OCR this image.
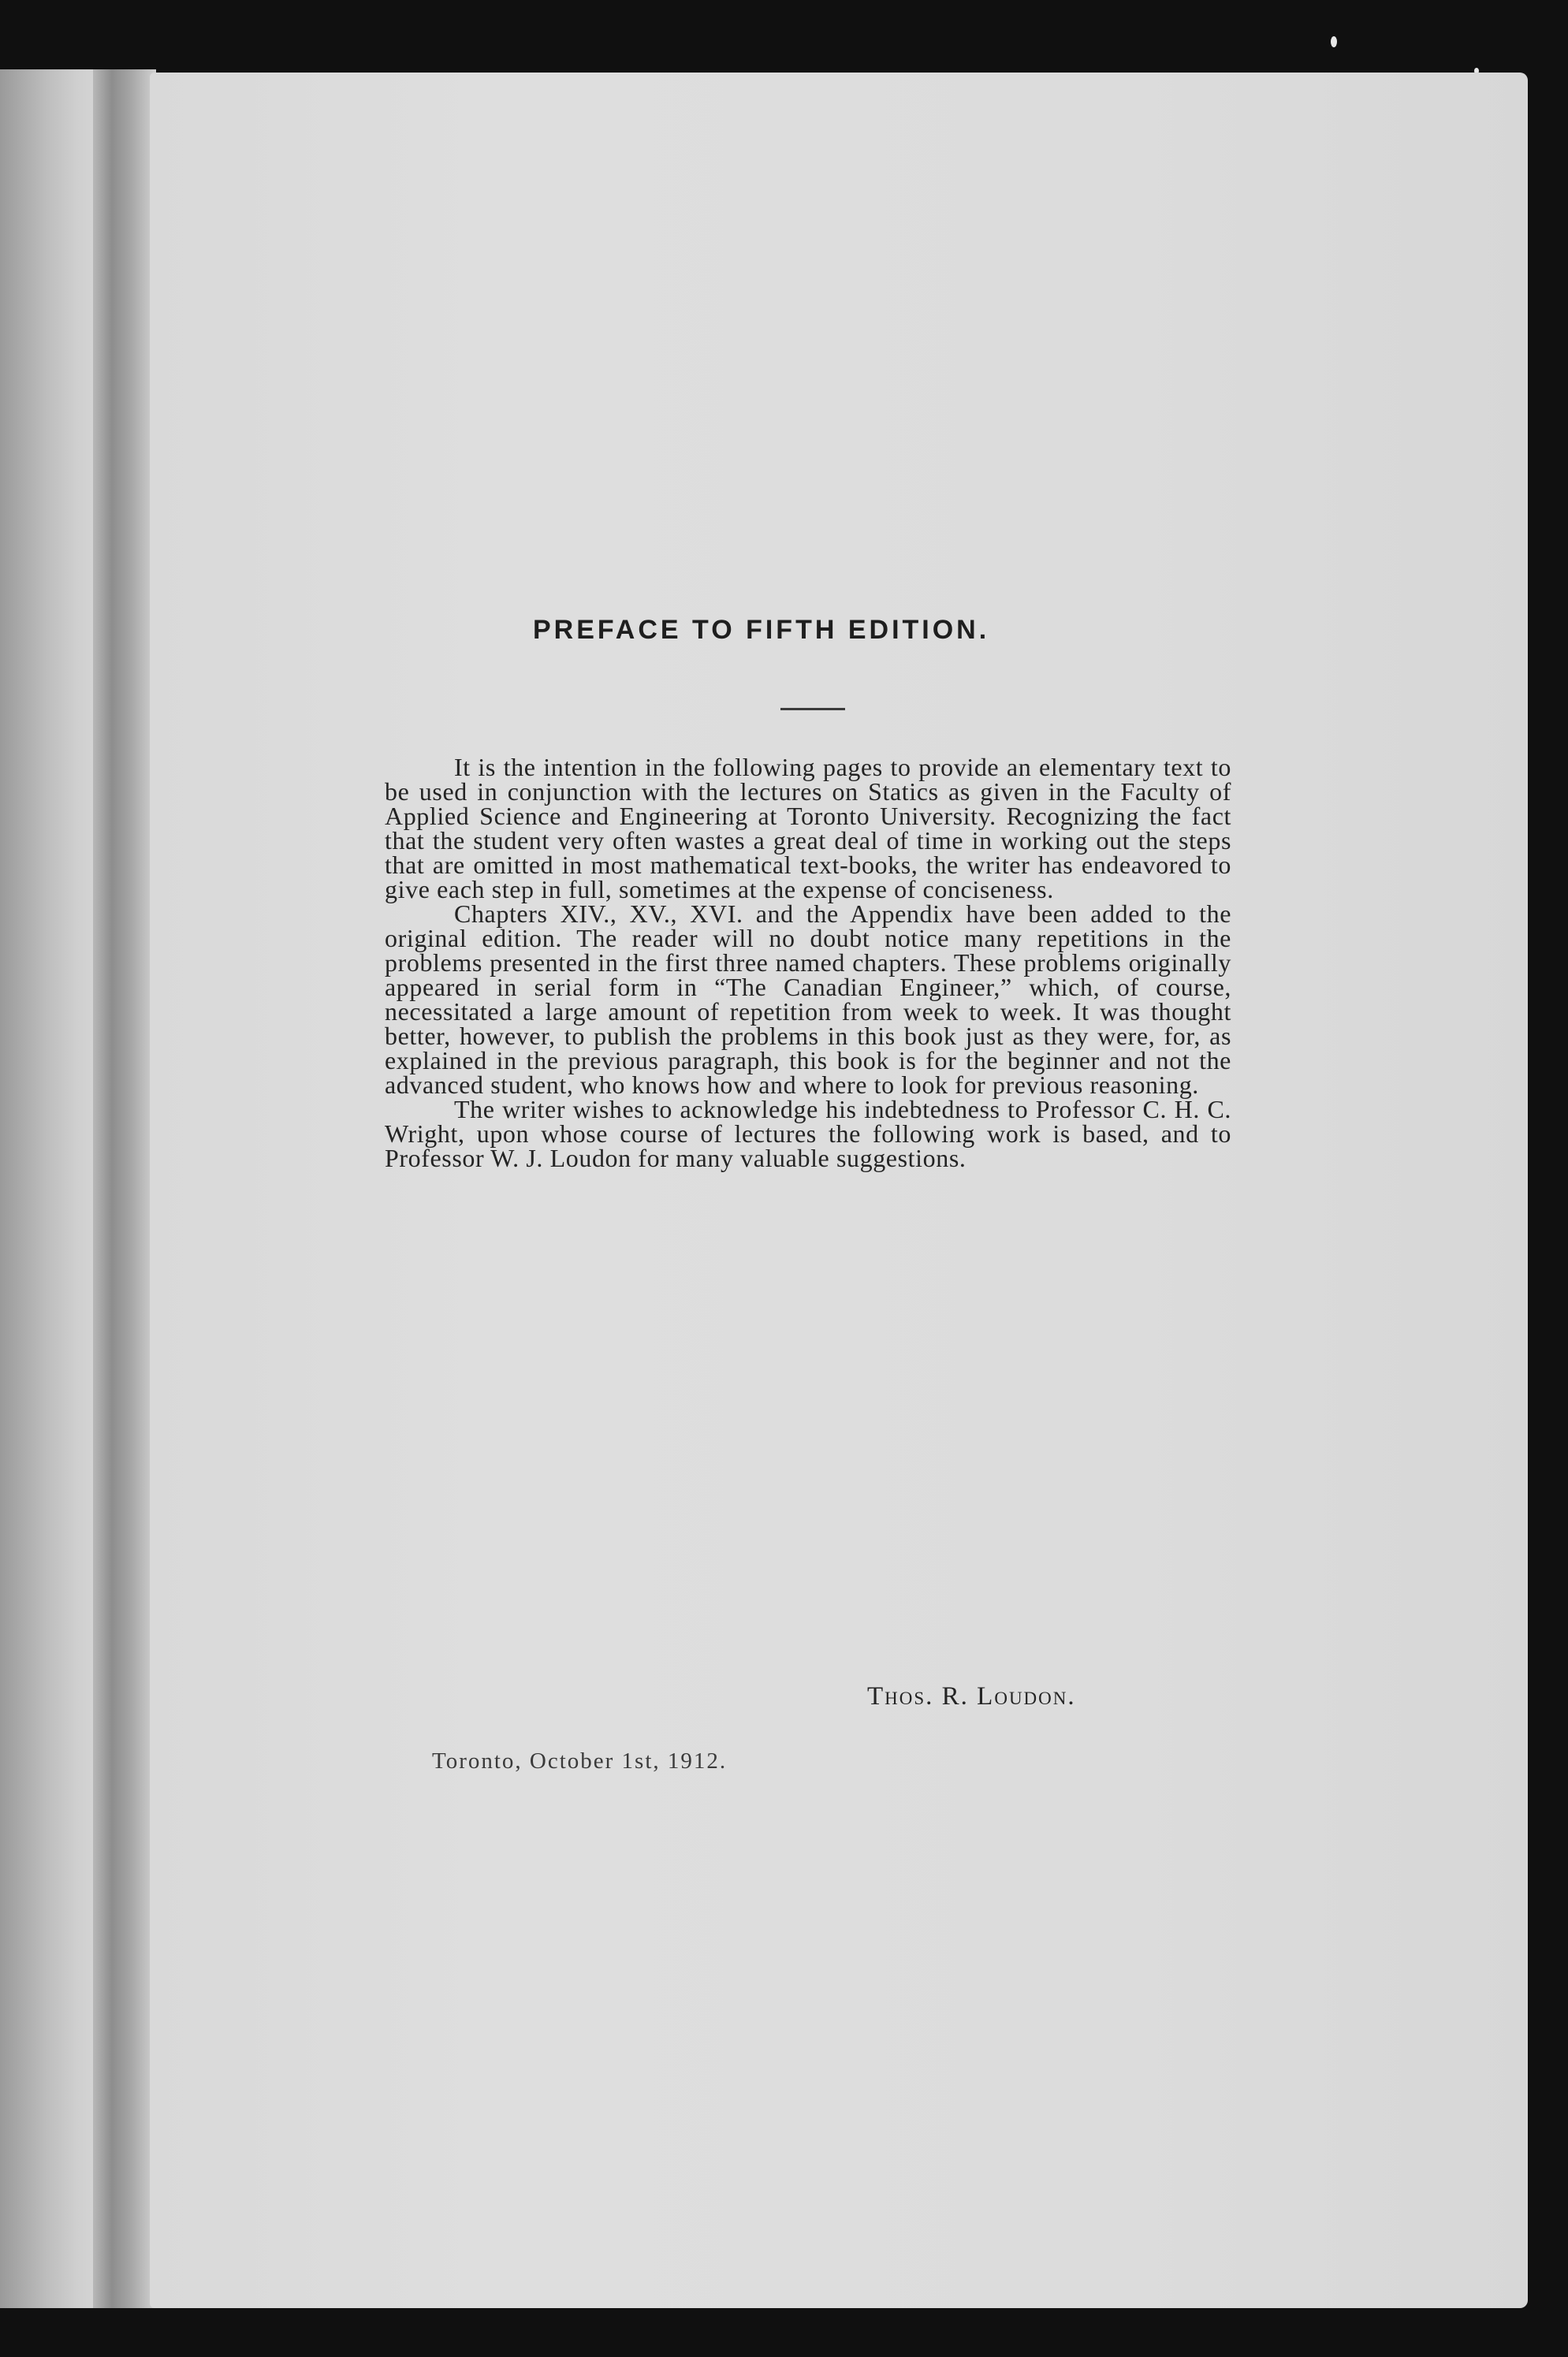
PREFACE TO FIFTH EDITION.

It is the intention in the following pages to provide an elementary text to be used in conjunction with the lectures on Statics as given in the Faculty of Applied Science and Engineering at Toronto University. Recognizing the fact that the student very often wastes a great deal of time in working out the steps that are omitted in most mathematical text-books, the writer has endeavored to give each step in full, sometimes at the expense of conciseness.

Chapters XIV., XV., XVI. and the Appendix have been added to the original edition. The reader will no doubt notice many repetitions in the problems presented in the first three named chapters. These problems originally appeared in serial form in “The Canadian Engineer,” which, of course, necessitated a large amount of repetition from week to week. It was thought better, however, to publish the problems in this book just as they were, for, as explained in the previous paragraph, this book is for the beginner and not the advanced student, who knows how and where to look for previous reasoning.

The writer wishes to acknowledge his indebtedness to Professor C. H. C. Wright, upon whose course of lectures the following work is based, and to Professor W. J. Loudon for many valuable suggestions.

Thos. R. Loudon.
Toronto, October 1st, 1912.
